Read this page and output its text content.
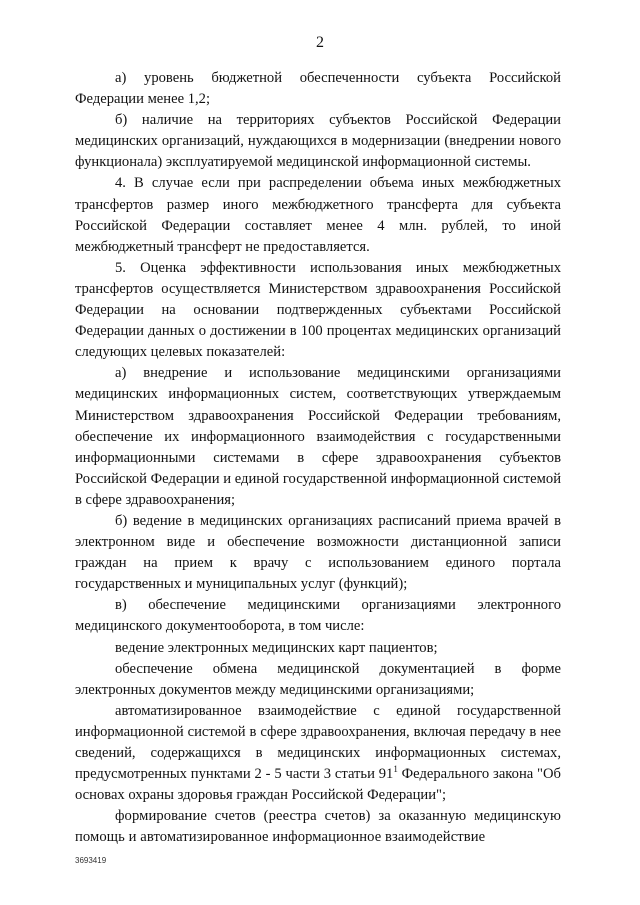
2

а) уровень бюджетной обеспеченности субъекта Российской Федерации менее 1,2;

б) наличие на территориях субъектов Российской Федерации медицинских организаций, нуждающихся в модернизации (внедрении нового функционала) эксплуатируемой медицинской информационной системы.

4. В случае если при распределении объема иных межбюджетных трансфертов размер иного межбюджетного трансферта для субъекта Российской Федерации составляет менее 4 млн. рублей, то иной межбюджетный трансферт не предоставляется.

5. Оценка эффективности использования иных межбюджетных трансфертов осуществляется Министерством здравоохранения Российской Федерации на основании подтвержденных субъектами Российской Федерации данных о достижении в 100 процентах медицинских организаций следующих целевых показателей:

а) внедрение и использование медицинскими организациями медицинских информационных систем, соответствующих утверждаемым Министерством здравоохранения Российской Федерации требованиям, обеспечение их информационного взаимодействия с государственными информационными системами в сфере здравоохранения субъектов Российской Федерации и единой государственной информационной системой в сфере здравоохранения;

б) ведение в медицинских организациях расписаний приема врачей в электронном виде и обеспечение возможности дистанционной записи граждан на прием к врачу с использованием единого портала государственных и муниципальных услуг (функций);

в) обеспечение медицинскими организациями электронного медицинского документооборота, в том числе:

ведение электронных медицинских карт пациентов;

обеспечение обмена медицинской документацией в форме электронных документов между медицинскими организациями;

автоматизированное взаимодействие с единой государственной информационной системой в сфере здравоохранения, включая передачу в нее сведений, содержащихся в медицинских информационных системах, предусмотренных пунктами 2 - 5 части 3 статьи $91^1$ Федерального закона "Об основах охраны здоровья граждан Российской Федерации";

формирование счетов (реестра счетов) за оказанную медицинскую помощь и автоматизированное информационное взаимодействие

3693419
